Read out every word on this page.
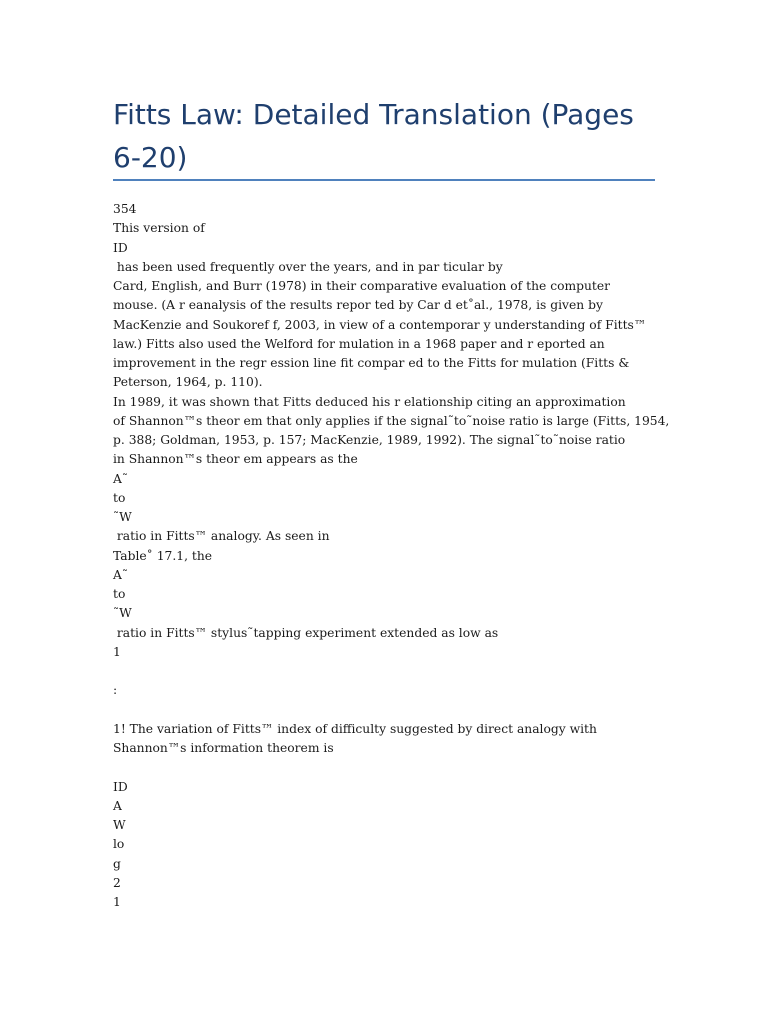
Fitts Law: Detailed Translation (Pages 6-20)
354
This version of
ID
has been used frequently over the years, and in par ticular by
Card, English, and Burr (1978) in their comparative evaluation of the computer
mouse. (A r eanalysis of the results repor ted by Car d et˚al., 1978, is given by
MacKenzie and Soukoref f, 2003, in view of a contemporar y understanding of Fitts™
law.) Fitts also used the Welford for mulation in a 1968 paper and r eported an
improvement in the regr ession line fit compar ed to the Fitts for mulation (Fitts &
Peterson, 1964, p. 110).
In 1989, it was shown that Fitts deduced his r elationship citing an approximation
of Shannon™s theor em that only applies if the signal˜to˜noise ratio is large (Fitts, 1954,
p. 388; Goldman, 1953, p. 157; MacKenzie, 1989, 1992). The signal˜to˜noise ratio
in Shannon™s theor em appears as the
A˜
to
˜W
ratio in Fitts™ analogy. As seen in
Table˚ 17.1, the
A˜
to
˜W
ratio in Fitts™ stylus˜tapping experiment extended as low as
1
:
1! The variation of Fitts™ index of difficulty suggested by direct analogy with
Shannon™s information theorem is
ID
A
W
lo
g
2
1
